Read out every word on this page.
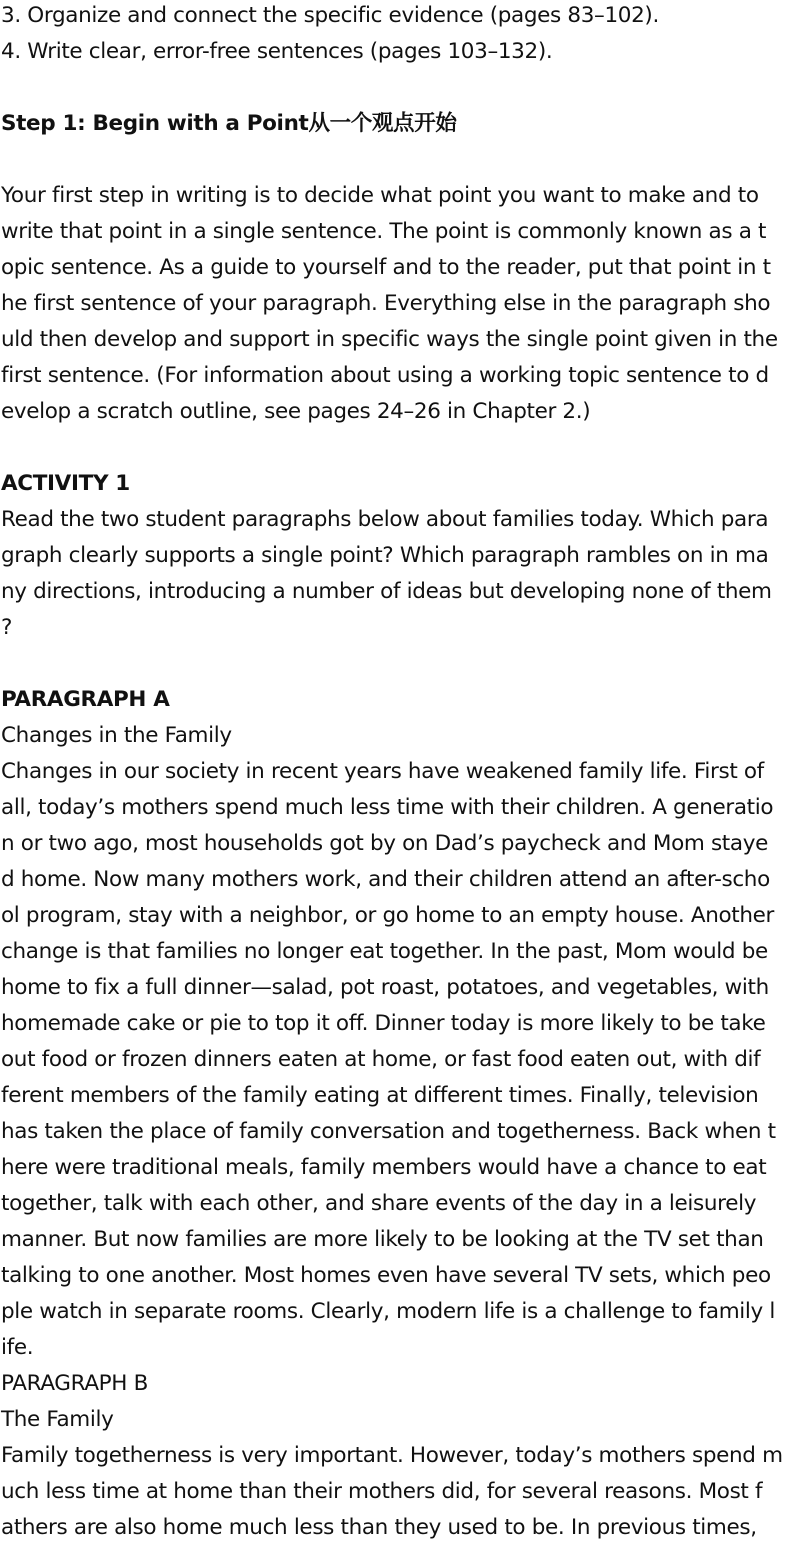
3. Organize and connect the specific evidence (pages 83–102).
4. Write clear, error-free sentences (pages 103–132).
Step 1: Begin with a Point从一个观点开始
Your first step in writing is to decide what point you want to make and to
write that point in a single sentence. The point is commonly known as a t
opic sentence. As a guide to yourself and to the reader, put that point in t
he first sentence of your paragraph. Everything else in the paragraph sho
uld then develop and support in specific ways the single point given in the
first sentence. (For information about using a working topic sentence to d
evelop a scratch outline, see pages 24–26 in Chapter 2.)
ACTIVITY 1
Read the two student paragraphs below about families today. Which para
graph clearly supports a single point? Which paragraph rambles on in ma
ny directions, introducing a number of ideas but developing none of them
?
PARAGRAPH A
Changes in the Family
Changes in our society in recent years have weakened family life. First of
all, today’s mothers spend much less time with their children. A generatio
n or two ago, most households got by on Dad’s paycheck and Mom staye
d home. Now many mothers work, and their children attend an after-scho
ol program, stay with a neighbor, or go home to an empty house. Another
change is that families no longer eat together. In the past, Mom would be
home to fix a full dinner—salad, pot roast, potatoes, and vegetables, with
homemade cake or pie to top it off. Dinner today is more likely to be take
out food or frozen dinners eaten at home, or fast food eaten out, with dif
ferent members of the family eating at different times. Finally, television
has taken the place of family conversation and togetherness. Back when t
here were traditional meals, family members would have a chance to eat
together, talk with each other, and share events of the day in a leisurely
manner. But now families are more likely to be looking at the TV set than
talking to one another. Most homes even have several TV sets, which peo
ple watch in separate rooms. Clearly, modern life is a challenge to family l
ife.
PARAGRAPH B
The Family
Family togetherness is very important. However, today’s mothers spend m
uch less time at home than their mothers did, for several reasons. Most f
athers are also home much less than they used to be. In previous times,
